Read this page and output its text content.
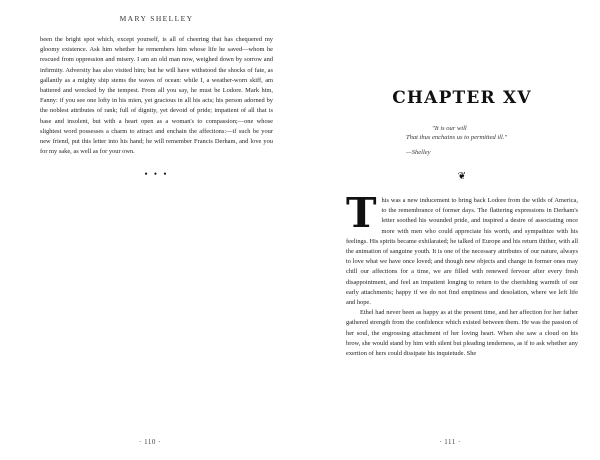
MARY SHELLEY

been the bright spot which, except yourself, is all of cheering that has chequered my gloomy existence. Ask him whether he remembers him whose life he saved—whom he rescued from oppression and misery. I am an old man now, weighed down by sorrow and infirmity. Adversity has also visited him; but he will have withstood the shocks of fate, as gallantly as a mighty ship stems the waves of ocean: while I, a weather-worn skiff, am battered and wrecked by the tempest. From all you say, he must be Lodore. Mark him, Fanny: if you see one lofty in his mien, yet gracious in all his acts; his person adorned by the noblest attributes of rank; full of dignity, yet devoid of pride; impatient of all that is base and insolent, but with a heart open as a woman's to compassion;—one whose slightest word possesses a charm to attract and enchain the affections:—if such be your new friend, put this letter into his hand; he will remember Francis Derham, and love you for my sake, as well as for your own.

• • •
· 110 ·
CHAPTER XV
"It is our will
That thus enchains us to permitted ill."
—Shelley
❦

This was a new inducement to bring back Lodore from the wilds of America, to the remembrance of former days. The flattering expressions in Derham's letter soothed his wounded pride, and inspired a desire of associating once more with men who could appreciate his worth, and sympathize with his feelings. His spirits became exhilarated; he talked of Europe and his return thither, with all the animation of sanguine youth. It is one of the necessary attributes of our nature, always to love what we have once loved; and though new objects and change in former ones may chill our affections for a time, we are filled with renewed fervour after every fresh disappointment, and feel an impatient longing to return to the cherishing warmth of our early attachments; happy if we do not find emptiness and desolation, where we left life and hope.

Ethel had never been as happy as at the present time, and her affection for her father gathered strength from the confidence which existed between them. He was the passion of her soul, the engrossing attachment of her loving heart. When she saw a cloud on his brow, she would stand by him with silent but pleading tenderness, as if to ask whether any exertion of hers could dissipate his inquietude. She

· 111 ·
